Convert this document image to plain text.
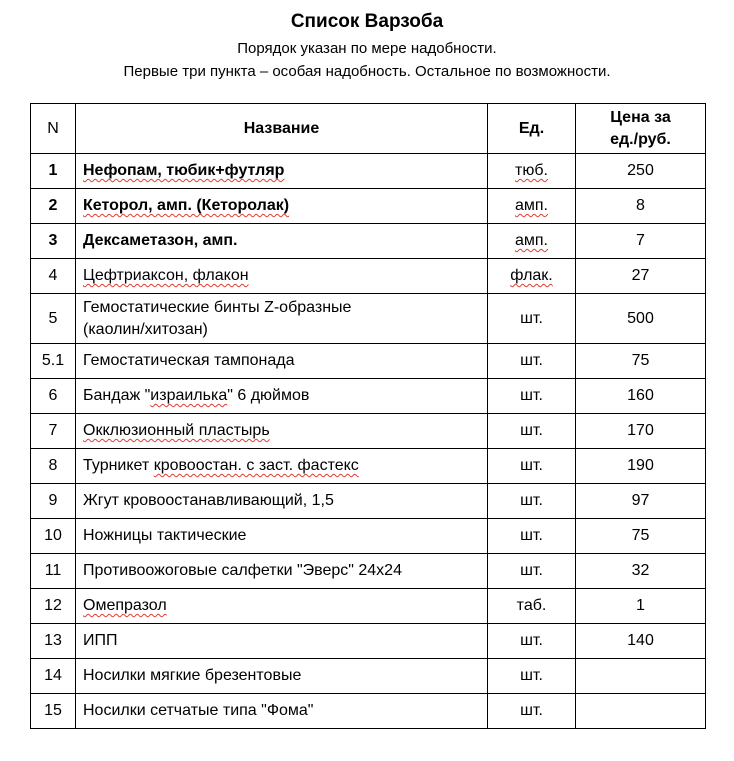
Список Варзоба
Порядок указан по мере надобности.
Первые три пункта – особая надобность. Остальное по возможности.
N	Название	Ед.	Цена за
ед./руб.
1	Нефопам, тюбик+футляр	тюб.	250
2	Кеторол, амп. (Кеторолак)	амп.	8
3	Дексаметазон, амп.	амп.	7
4	Цефтриаксон, флакон	флак.	27
5	Гемостатические бинты Z-образные
(каолин/хитозан)	шт.	500
5.1	Гемостатическая тампонада	шт.	75
6	Бандаж "израилька" 6 дюймов	шт.	160
7	Окклюзионный пластырь	шт.	170
8	Турникет кровоостан. с заст. фастекс	шт.	190
9	Жгут кровоостанавливающий, 1,5	шт.	97
10	Ножницы тактические	шт.	75
11	Противоожоговые салфетки "Эверс" 24х24	шт.	32
12	Омепразол	таб.	1
13	ИПП	шт.	140
14	Носилки мягкие брезентовые	шт.	
15	Носилки сетчатые типа "Фома"	шт.	
